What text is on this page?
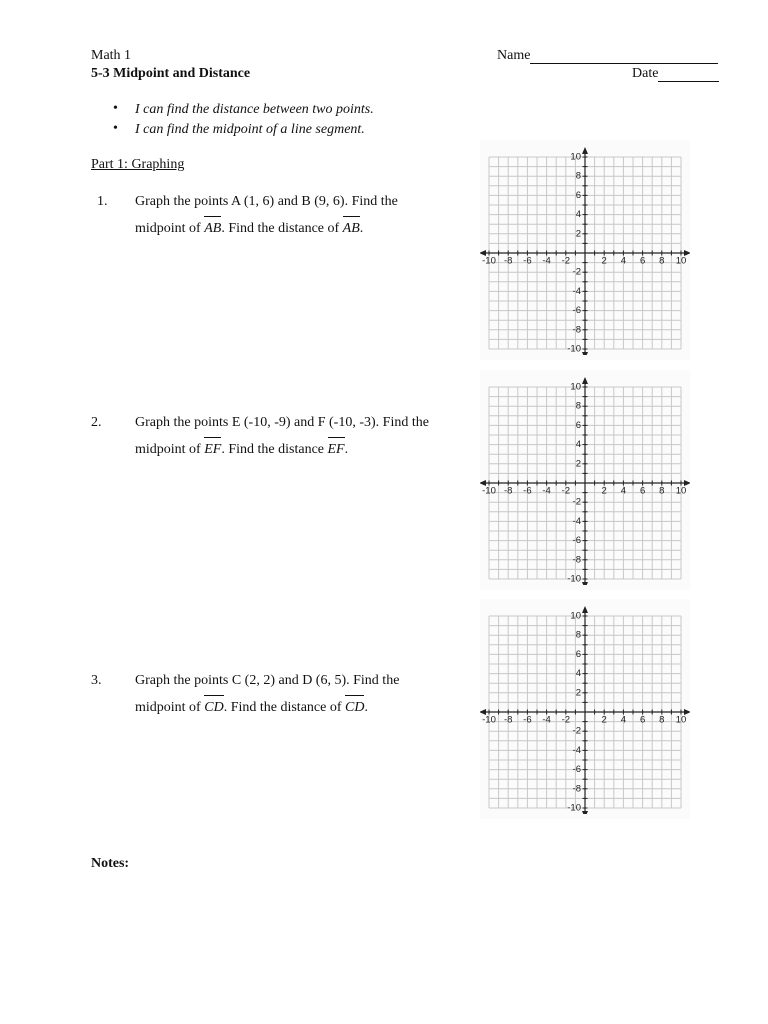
Math 1
5-3 Midpoint and Distance
Name
Date
• I can find the distance between two points.
• I can find the midpoint of a line segment.
Part 1: Graphing
1. Graph the points A (1, 6) and B (9, 6). Find the
midpoint of AB. Find the distance of AB.
2. Graph the points E (-10, -9) and F (-10, -3). Find the
midpoint of EF. Find the distance EF.
3. Graph the points C (2, 2) and D (6, 5). Find the
midpoint of CD. Find the distance of CD.
-10 -8 -6 -4 -2	2 4 6 8 10
10
8
6
4
2
-2
-4
-6
-8
-10
-10 -8 -6 -4 -2	2 4 6 8 10
10
8
6
4
2
-2
-4
-6
-8
-10
-10 -8 -6 -4 -2	2 4 6 8 10
10
8
6
4
2
-2
-4
-6
-8
-10
Notes:
